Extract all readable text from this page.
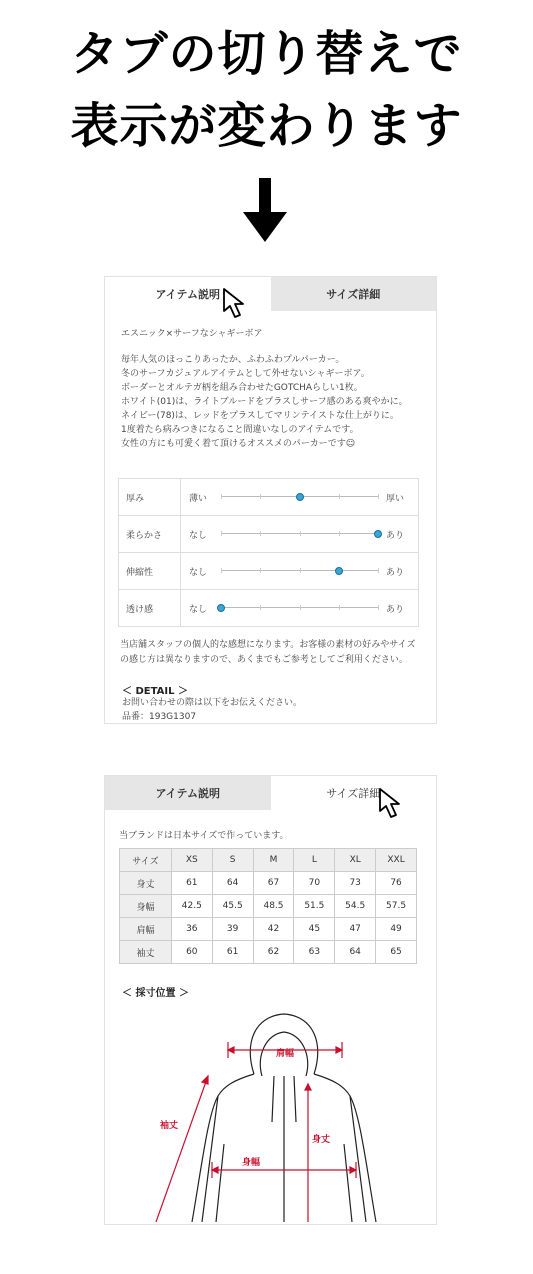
タブの切り替えで
表示が変わります
アイテム説明	サイズ詳細

エスニック×サーフなシャギーボア

毎年人気のほっこりあったか、ふわふわプルパーカー。

冬のサーフカジュアルアイテムとして外せないシャギーボア。

ボーダーとオルテガ柄を組み合わせたGOTCHAらしい1枚。

ホワイト(01)は、ライトブルードをプラスしサーフ感のある爽やかに。

ネイビー(78)は、レッドをプラスしてマリンテイストな仕上がりに。

1度着たら病みつきになること間違いなしのアイテムです。

女性の方にも可愛く着て頂けるオススメのパーカーです☺

厚み	薄い	厚い
柔らかさ	なし	あり
伸縮性	なし	あり
透け感	なし	あり
当店舗スタッフの個人的な感想になります。お客様の素材の好みやサイズの感じ方は異なりますので、あくまでもご参考としてご利用ください。
＜ DETAIL ＞
お問い合わせの際は以下をお伝えください。
品番：193G1307
アイテム説明	サイズ詳細
当ブランドは日本サイズで作っています。
サイズ	XS	S	M	L	XL	XXL
身丈	61	64	67	70	73	76
身幅	42.5	45.5	48.5	51.5	54.5	57.5
肩幅	36	39	42	45	47	49
袖丈	60	61	62	63	64	65
＜ 採寸位置 ＞
肩幅
袖丈
身丈
身幅
